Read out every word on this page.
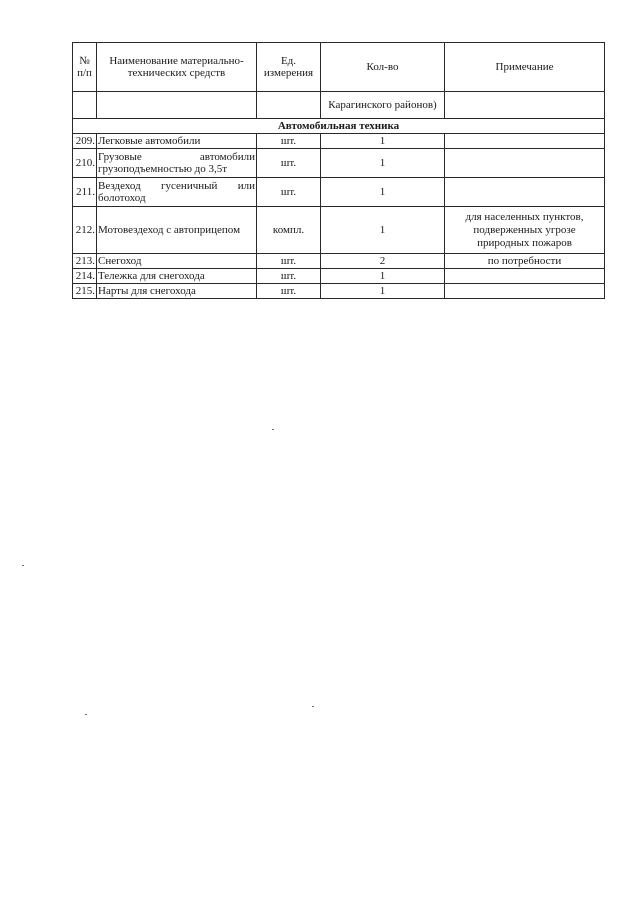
№ п/п	Наименование материально-технических средств	Ед. измерения	Кол-во	Примечание
			Карагинского районов)	
Автомобильная техника				
209.	Легковые автомобили	шт.	1	
210.	Грузовые автомобили грузоподъемностью до 3,5т	шт.	1	
211.	Вездеход гусеничный или болотоход	шт.	1	
212.	Мотовездеход с автоприцепом	компл.	1	для населенных пунктов, подверженных угрозе природных пожаров
213.	Снегоход	шт.	2	по потребности
214.	Тележка для снегохода	шт.	1	
215.	Нарты для снегохода	шт.	1	
